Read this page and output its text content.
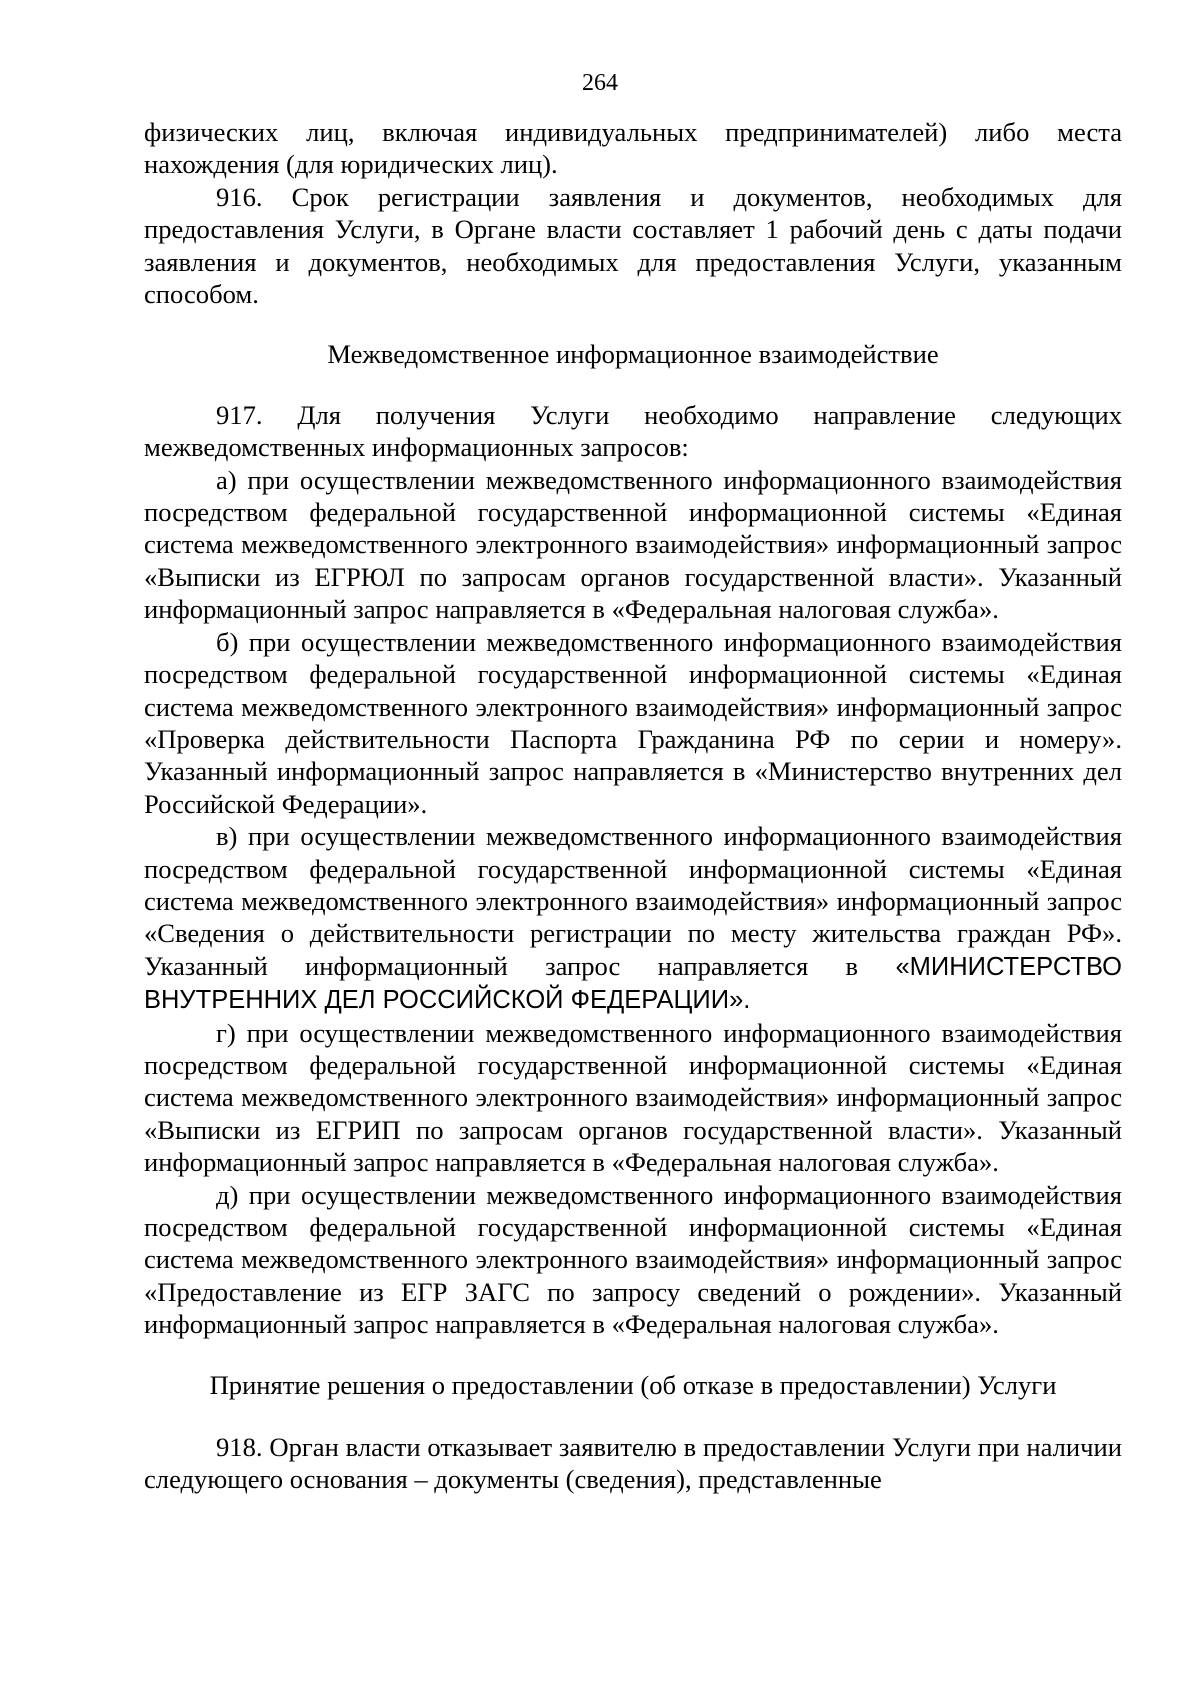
264

физических лиц, включая индивидуальных предпринимателей) либо места нахождения (для юридических лиц).

916. Срок регистрации заявления и документов, необходимых для предоставления Услуги, в Органе власти составляет 1 рабочий день с даты подачи заявления и документов, необходимых для предоставления Услуги, указанным способом.

Межведомственное информационное взаимодействие

917. Для получения Услуги необходимо направление следующих межведомственных информационных запросов:

а) при осуществлении межведомственного информационного взаимодействия посредством федеральной государственной информационной системы «Единая система межведомственного электронного взаимодействия» информационный запрос «Выписки из ЕГРЮЛ по запросам органов государственной власти». Указанный информационный запрос направляется в «Федеральная налоговая служба».

б) при осуществлении межведомственного информационного взаимодействия посредством федеральной государственной информационной системы «Единая система межведомственного электронного взаимодействия» информационный запрос «Проверка действительности Паспорта Гражданина РФ по серии и номеру». Указанный информационный запрос направляется в «Министерство внутренних дел Российской Федерации».

в) при осуществлении межведомственного информационного взаимодействия посредством федеральной государственной информационной системы «Единая система межведомственного электронного взаимодействия» информационный запрос «Сведения о действительности регистрации по месту жительства граждан РФ». Указанный информационный запрос направляется в «МИНИСТЕРСТВО ВНУТРЕННИХ ДЕЛ РОССИЙСКОЙ ФЕДЕРАЦИИ».

г) при осуществлении межведомственного информационного взаимодействия посредством федеральной государственной информационной системы «Единая система межведомственного электронного взаимодействия» информационный запрос «Выписки из ЕГРИП по запросам органов государственной власти». Указанный информационный запрос направляется в «Федеральная налоговая служба».

д) при осуществлении межведомственного информационного взаимодействия посредством федеральной государственной информационной системы «Единая система межведомственного электронного взаимодействия» информационный запрос «Предоставление из ЕГР ЗАГС по запросу сведений о рождении». Указанный информационный запрос направляется в «Федеральная налоговая служба».

Принятие решения о предоставлении (об отказе в предоставлении) Услуги

918. Орган власти отказывает заявителю в предоставлении Услуги при наличии следующего основания – документы (сведения), представленные
